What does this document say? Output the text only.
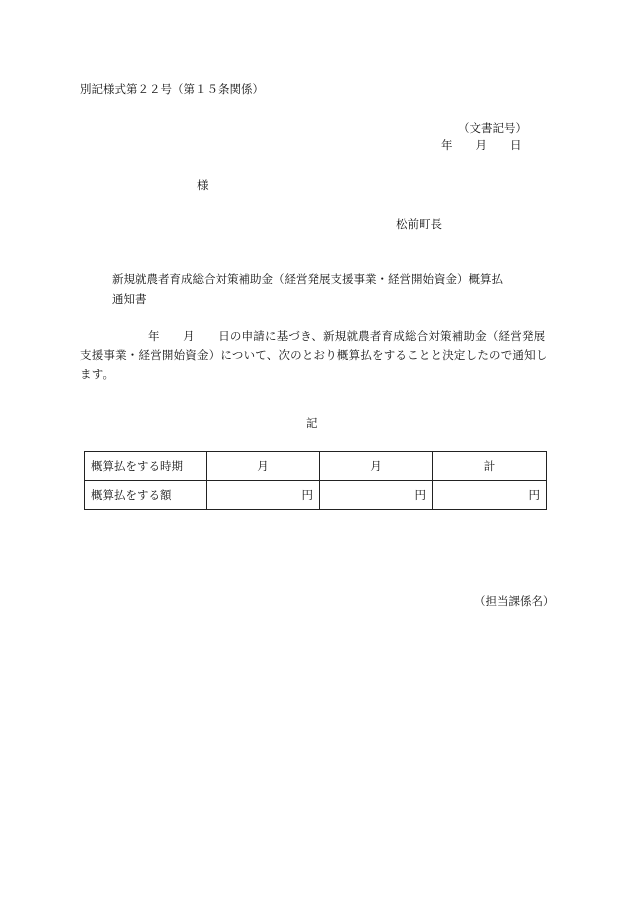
別記様式第２２号（第１５条関係）
（文書記号）
年　　月　　日
様
松前町長
新規就農者育成総合対策補助金（経営発展支援事業・経営開始資金）概算払
通知書
年　　月　　日の申請に基づき、新規就農者育成総合対策補助金（経営発展支援事業・経営開始資金）について、次のとおり概算払をすることと決定したので通知します。
記
概算払をする時期	月	月	計
概算払をする額	円	円	円
（担当課係名）
